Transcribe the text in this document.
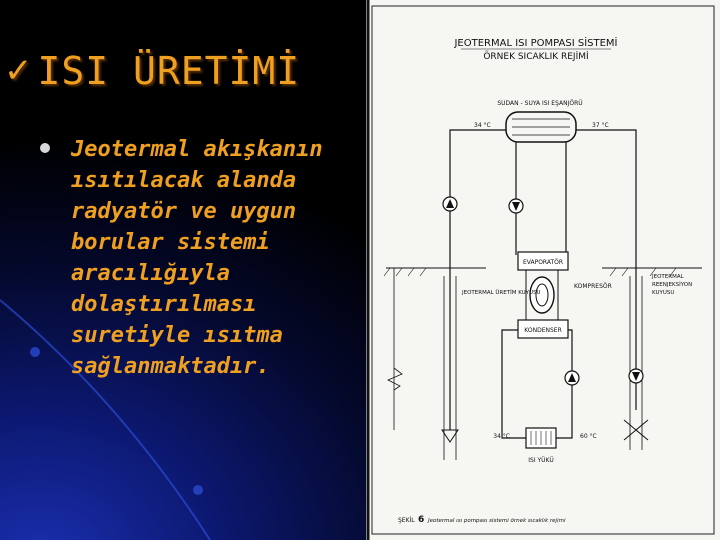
✓ ISI ÜRETİMİ
Jeotermal akışkanın
ısıtılacak alanda
radyatör ve uygun
borular sistemi
aracılığıyla
dolaştırılması
suretiyle ısıtma
sağlanmaktadır.
JEOTERMAL ISI POMPASI SİSTEMİ
ÖRNEK SICAKLIK REJİMİ
SUDAN - SUYA ISI EŞANJÖRÜ
34 °C	37 °C
EVAPORATÖR
KOMPRESÖR
KONDENSER
34 °C	60 °C
ISI YÜKÜ
JEOTERMAL ÜRETİM KUYUSU
JEOTERMAL
REENJEKSİYON
KUYUSU
ŞEKİL 6 Jeotermal ısı pompası sistemi örnek sıcaklık rejimi
